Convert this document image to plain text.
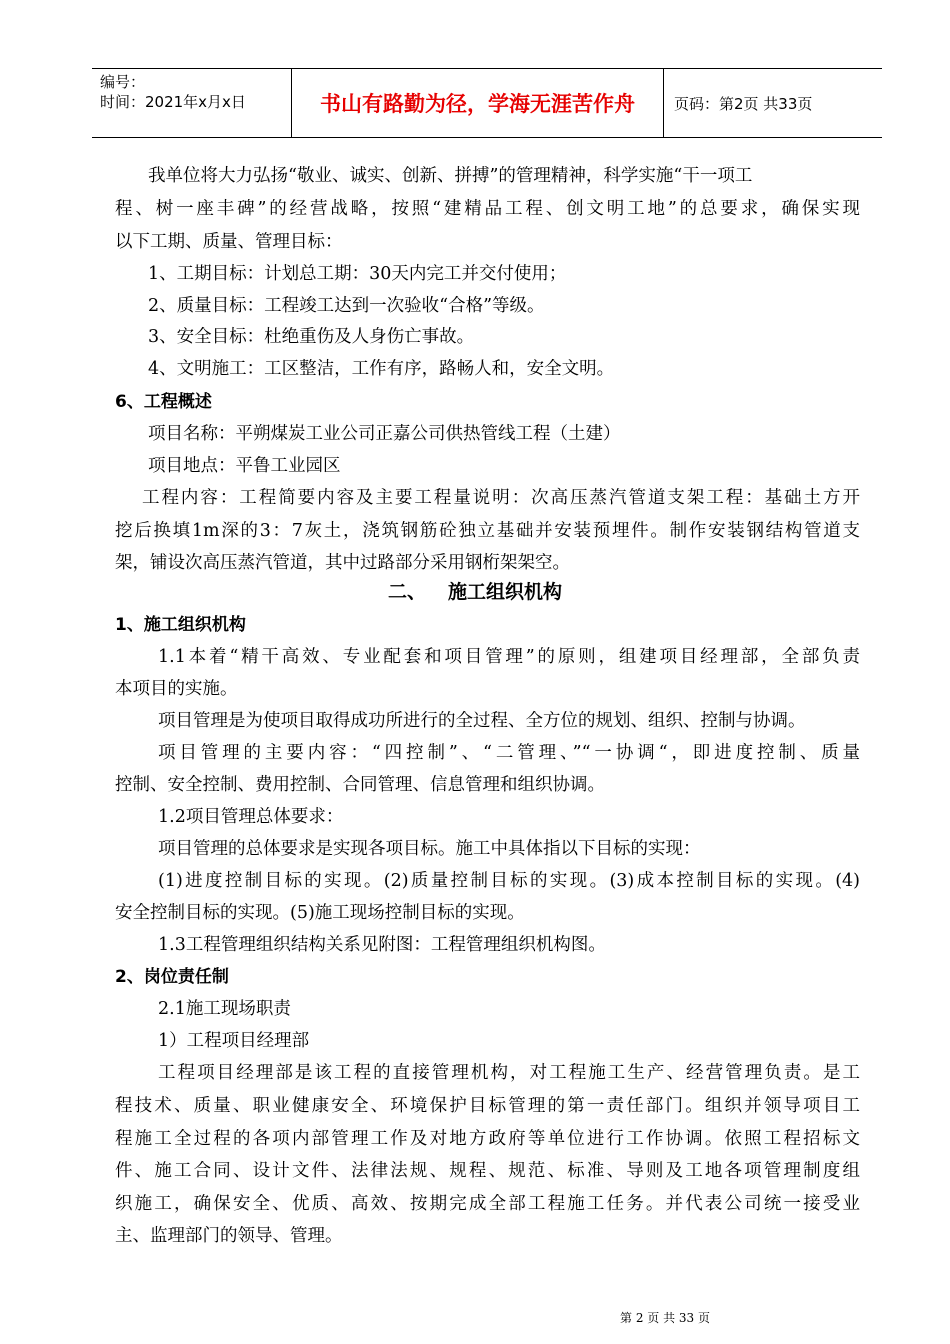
编号：
时间：2021年x月x日	书山有路勤为径，学海无涯苦作舟	页码：第2页 共33页
我单位将大力弘扬“敬业、诚实、创新、拼搏”的管理精神，科学实施“干一项工
程、树一座丰碑”的经营战略，按照“建精品工程、创文明工地”的总要求，确保实现
以下工期、质量、管理目标：
1、工期目标：计划总工期：30天内完工并交付使用；
2、质量目标：工程竣工达到一次验收“合格”等级。
3、安全目标：杜绝重伤及人身伤亡事故。
4、文明施工：工区整洁，工作有序，路畅人和，安全文明。
6、工程概述
项目名称：平朔煤炭工业公司正嘉公司供热管线工程（土建）
项目地点：平鲁工业园区
工程内容：工程简要内容及主要工程量说明：次高压蒸汽管道支架工程：基础土方开
挖后换填1m深的3：7灰土，浇筑钢筋砼独立基础并安装预埋件。制作安装钢结构管道支
架，铺设次高压蒸汽管道，其中过路部分采用钢桁架架空。
二、 施工组织机构
1、施工组织机构
1.1本着“精干高效、专业配套和项目管理”的原则，组建项目经理部，全部负责
本项目的实施。
项目管理是为使项目取得成功所进行的全过程、全方位的规划、组织、控制与协调。
项目管理的主要内容：“四控制”、“二管理、”“一协调“，即进度控制、质量
控制、安全控制、费用控制、合同管理、信息管理和组织协调。
1.2项目管理总体要求：
项目管理的总体要求是实现各项目标。施工中具体指以下目标的实现：
(1)进度控制目标的实现。(2)质量控制目标的实现。(3)成本控制目标的实现。(4)
安全控制目标的实现。(5)施工现场控制目标的实现。
1.3工程管理组织结构关系见附图：工程管理组织机构图。
2、岗位责任制
2.1施工现场职责
1）工程项目经理部
工程项目经理部是该工程的直接管理机构，对工程施工生产、经营管理负责。是工
程技术、质量、职业健康安全、环境保护目标管理的第一责任部门。组织并领导项目工
程施工全过程的各项内部管理工作及对地方政府等单位进行工作协调。依照工程招标文
件、施工合同、设计文件、法律法规、规程、规范、标准、导则及工地各项管理制度组
织施工，确保安全、优质、高效、按期完成全部工程施工任务。并代表公司统一接受业
主、监理部门的领导、管理。
第 2 页 共 33 页
